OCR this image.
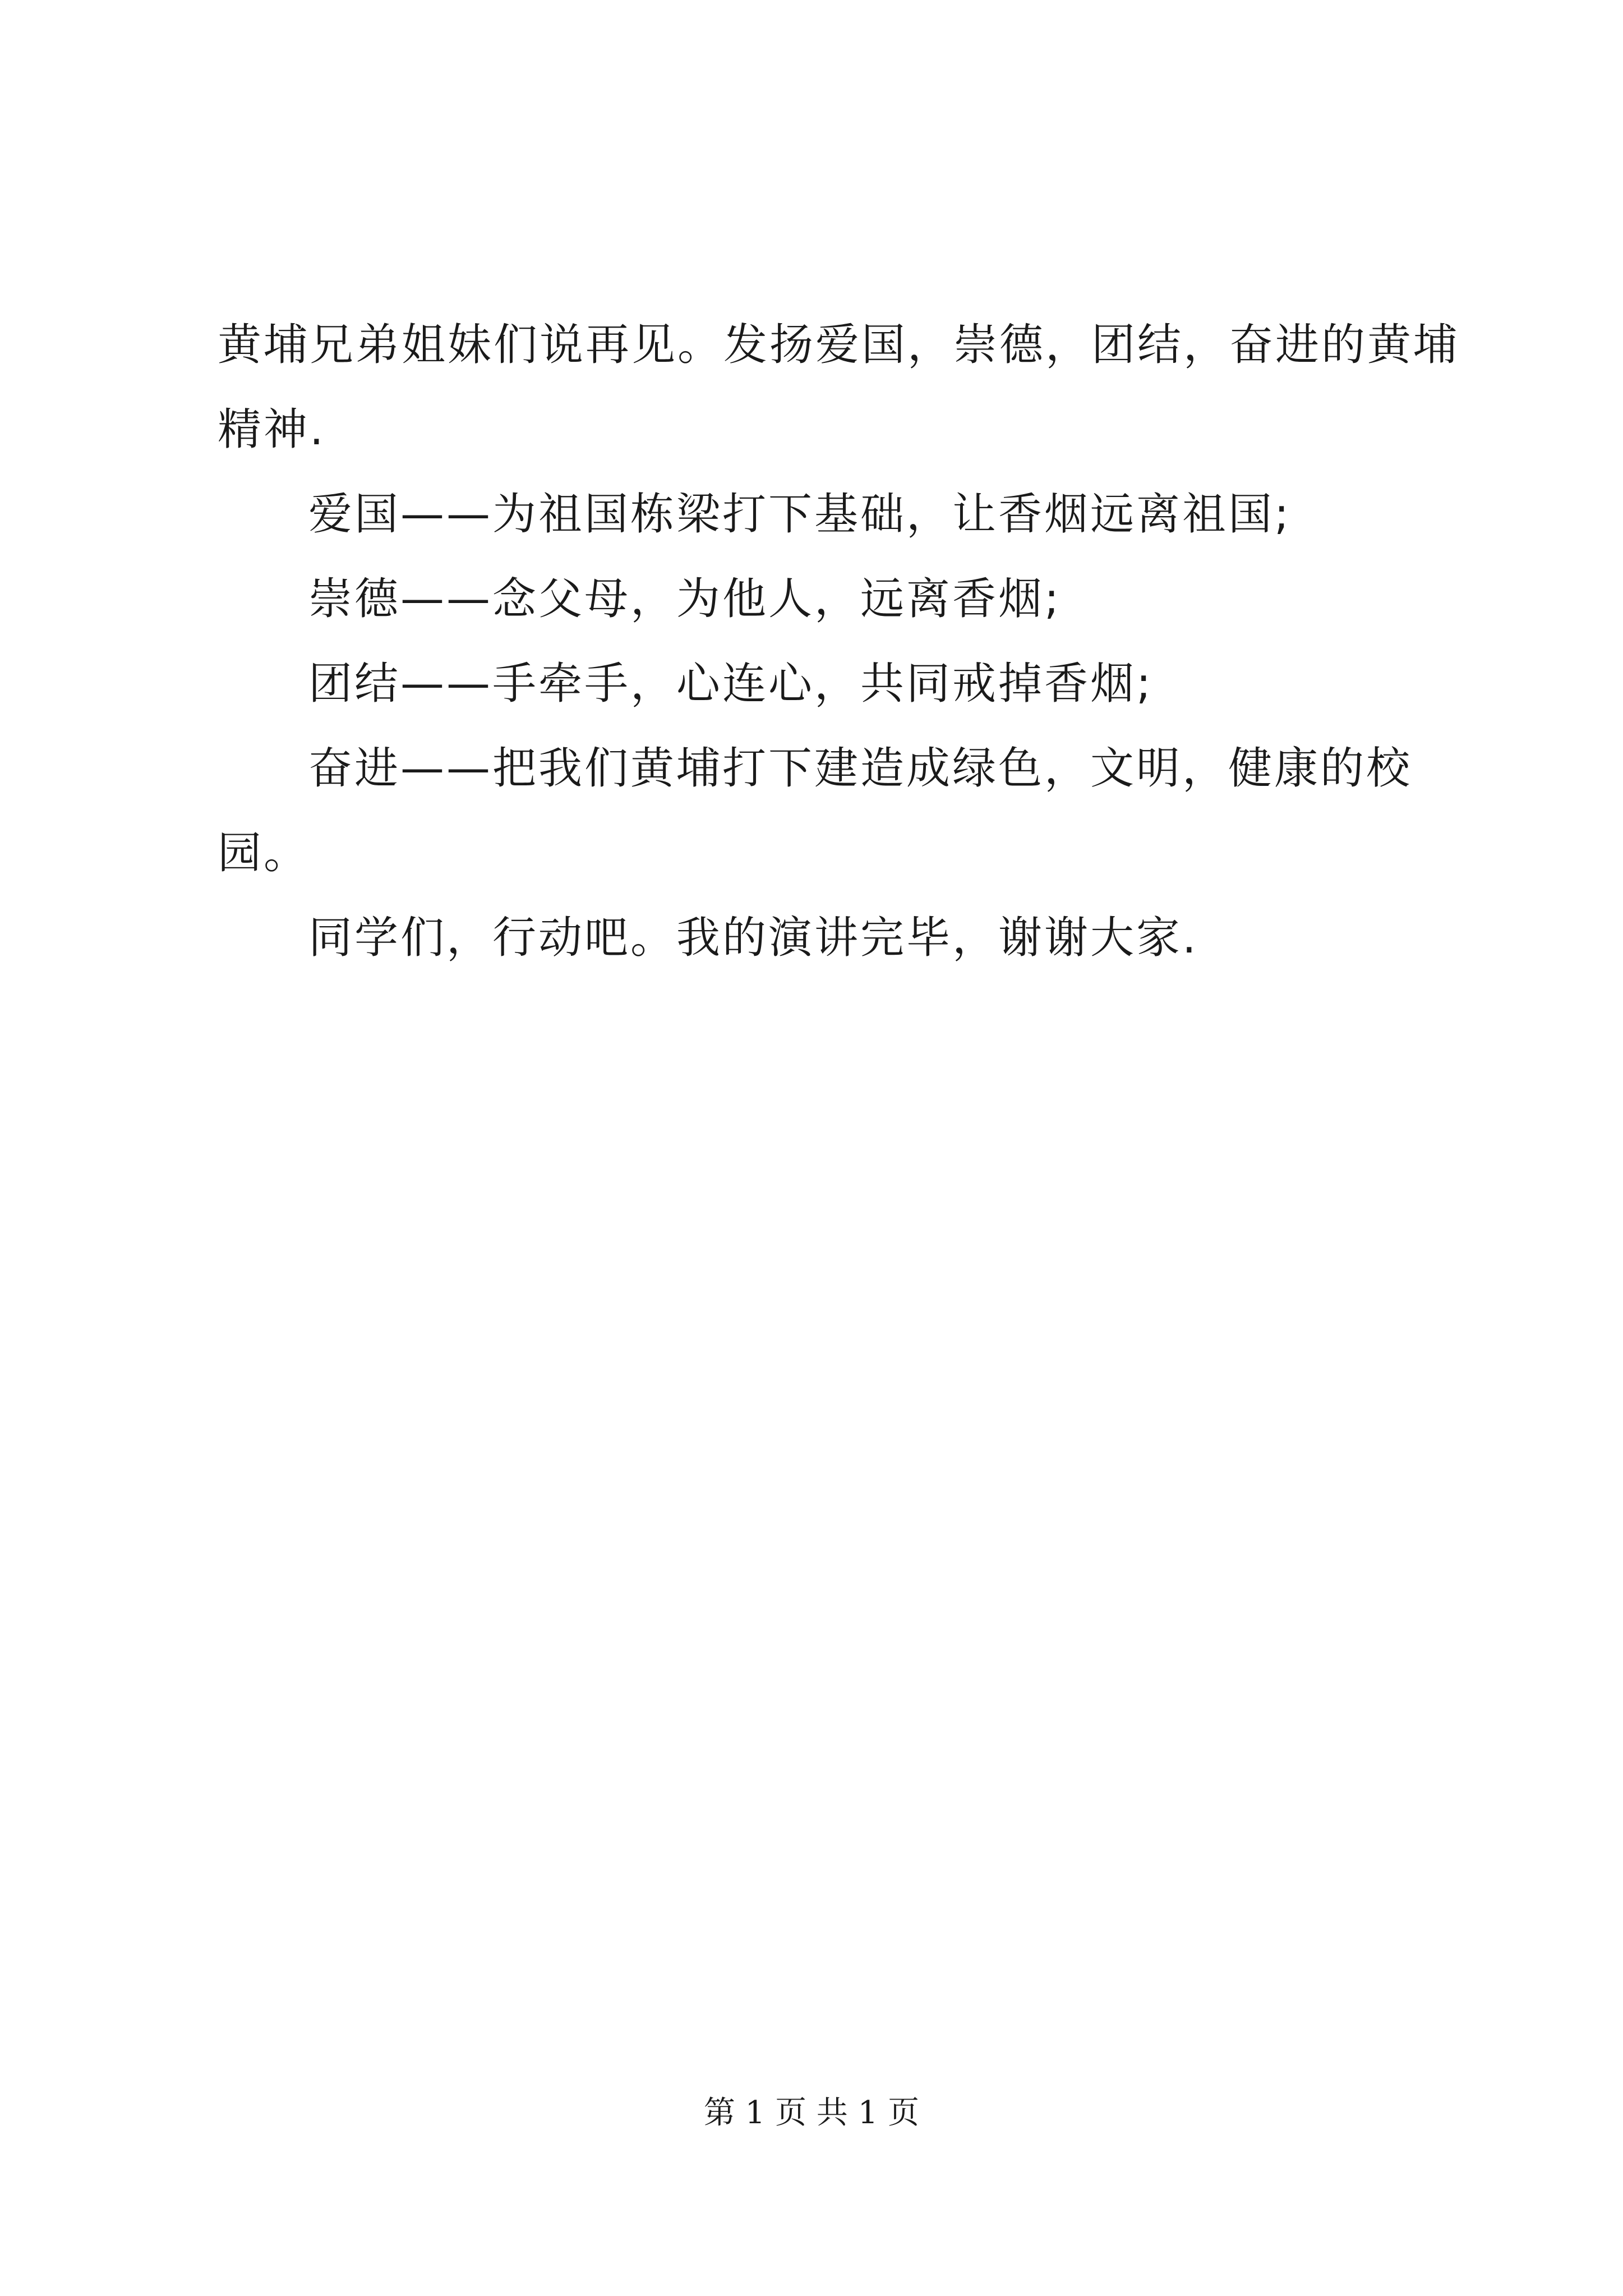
黄埔兄弟姐妹们说再见。发扬爱国，崇德，团结，奋进的黄埔精神.

爱国——为祖国栋梁打下基础，让香烟远离祖国;

崇德——念父母，为他人，远离香烟;

团结——手牵手，心连心，共同戒掉香烟;

奋进——把我们黄埔打下建造成绿色，文明，健康的校园。

同学们，行动吧。我的演讲完毕，谢谢大家.

第 1 页 共 1 页
